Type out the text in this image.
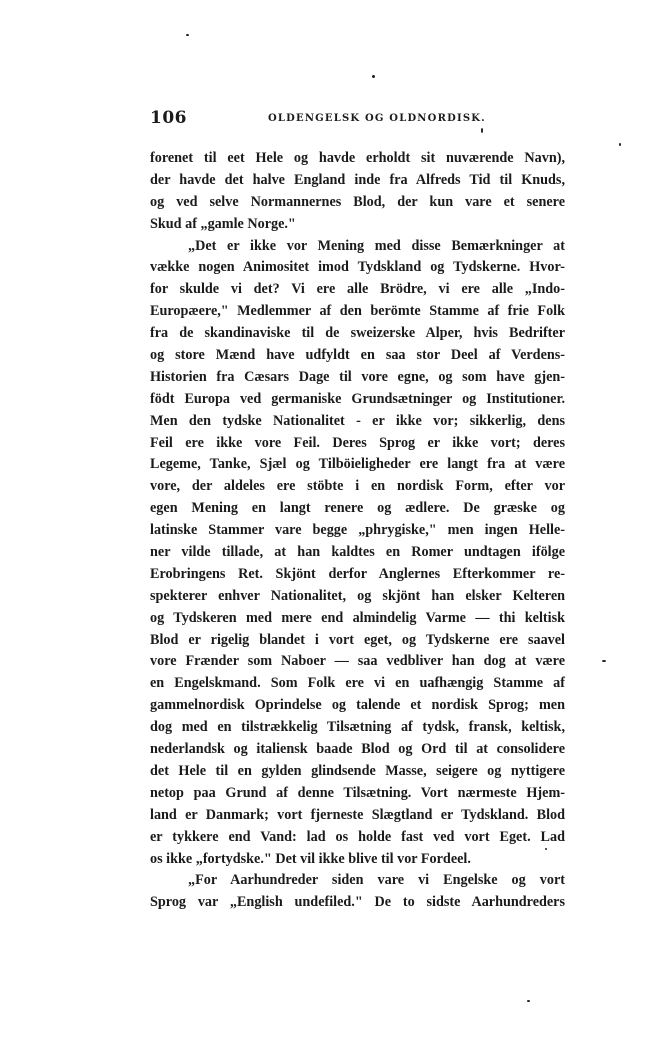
106	OLDENGELSK OG OLDNORDISK.
forenet til eet Hele og havde erholdt sit nuværende Navn),
der havde det halve England inde fra Alfreds Tid til Knuds,
og ved selve Normannernes Blod, der kun vare et senere
Skud af „gamle Norge."
„Det er ikke vor Mening med disse Bemærkninger at
vække nogen Animositet imod Tydskland og Tydskerne. Hvor-
for skulde vi det? Vi ere alle Brödre, vi ere alle „Indo-
Europæere," Medlemmer af den berömte Stamme af frie Folk
fra de skandinaviske til de sweizerske Alper, hvis Bedrifter
og store Mænd have udfyldt en saa stor Deel af Verdens-
Historien fra Cæsars Dage til vore egne, og som have gjen-
födt Europa ved germaniske Grundsætninger og Institutioner.
Men den tydske Nationalitet - er ikke vor; sikkerlig, dens
Feil ere ikke vore Feil. Deres Sprog er ikke vort; deres
Legeme, Tanke, Sjæl og Tilböieligheder ere langt fra at være
vore, der aldeles ere stöbte i en nordisk Form, efter vor
egen Mening en langt renere og ædlere. De græske og
latinske Stammer vare begge „phrygiske," men ingen Helle-
ner vilde tillade, at han kaldtes en Romer undtagen ifölge
Erobringens Ret. Skjönt derfor Anglernes Efterkommer re-
spekterer enhver Nationalitet, og skjönt han elsker Kelteren
og Tydskeren med mere end almindelig Varme — thi keltisk
Blod er rigelig blandet i vort eget, og Tydskerne ere saavel
vore Frænder som Naboer — saa vedbliver han dog at være
en Engelskmand. Som Folk ere vi en uafhængig Stamme af
gammelnordisk Oprindelse og talende et nordisk Sprog; men
dog med en tilstrækkelig Tilsætning af tydsk, fransk, keltisk,
nederlandsk og italiensk baade Blod og Ord til at consolidere
det Hele til en gylden glindsende Masse, seigere og nyttigere
netop paa Grund af denne Tilsætning. Vort nærmeste Hjem-
land er Danmark; vort fjerneste Slægtland er Tydskland. Blod
er tykkere end Vand: lad os holde fast ved vort Eget. Lad
os ikke „fortydske." Det vil ikke blive til vor Fordeel.
„For Aarhundreder siden vare vi Engelske og vort
Sprog var „English undefiled." De to sidste Aarhundreders
